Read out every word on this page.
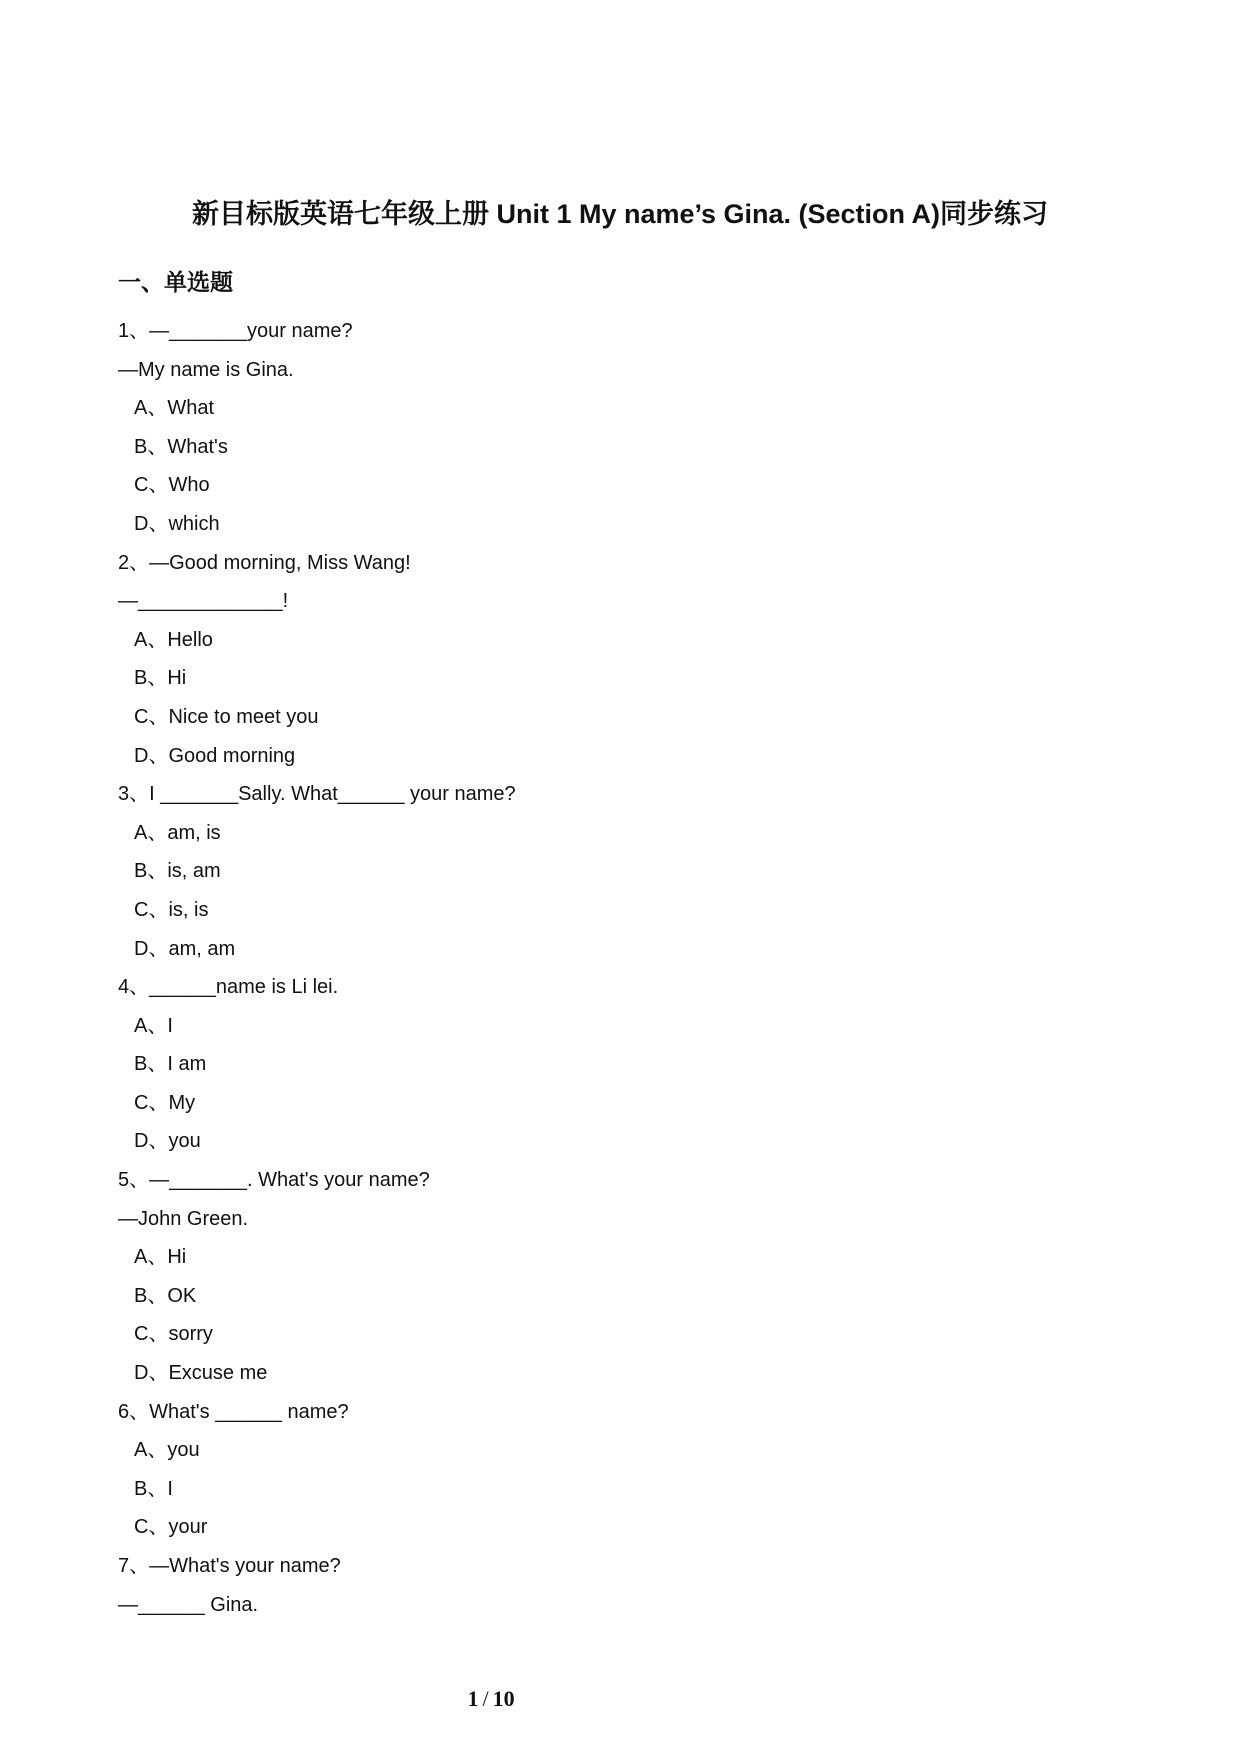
新目标版英语七年级上册 Unit 1 My name’s Gina. (Section A)同步练习
一、单选题
1、—_______your name?
—My name is Gina.
A、What
B、What's
C、Who
D、which
2、—Good morning, Miss Wang!
—_____________!
A、Hello
B、Hi
C、Nice to meet you
D、Good morning
3、I _______Sally. What______ your name?
A、am, is
B、is, am
C、is, is
D、am, am
4、______name is Li lei.
A、I
B、I am
C、My
D、you
5、—_______. What's your name?
—John Green.
A、Hi
B、OK
C、sorry
D、Excuse me
6、What's ______ name?
A、you
B、I
C、your
7、—What's your name?
—______ Gina.
1 / 10
